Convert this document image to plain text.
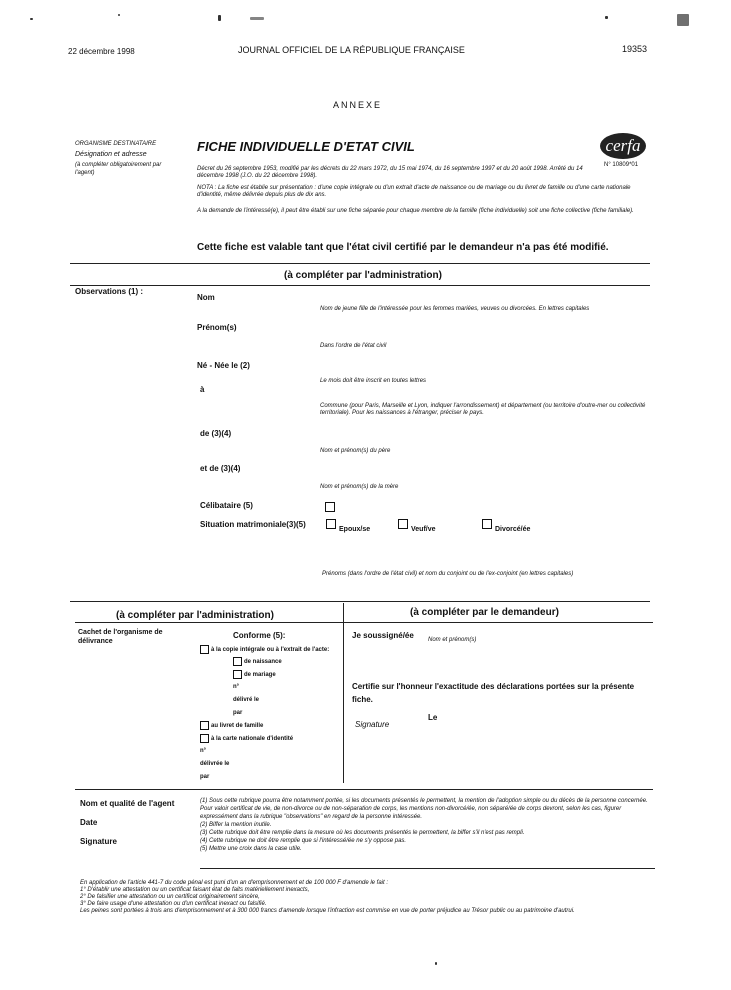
22 décembre 1998	JOURNAL OFFICIEL DE LA RÉPUBLIQUE FRANÇAISE	19353
ANNEXE
ORGANISME DESTINATAIRE
Désignation et adresse
(à compléter obligatoirement par l'agent)
FICHE INDIVIDUELLE D'ETAT CIVIL	cerfa
N° 10809*01
Décret du 26 septembre 1953, modifié par les décrets du 22 mars 1972, du 15 mai 1974, du 16 septembre 1997 et du 20 août 1998. Arrêté du 14 décembre 1998 (J.O. du 22 décembre 1998).
NOTA : La fiche est établie sur présentation : d'une copie intégrale ou d'un extrait d'acte de naissance ou de mariage ou du livret de famille ou d'une carte nationale d'identité, même délivrée depuis plus de dix ans.
A la demande de l'intéressé(e), il peut être établi sur une fiche séparée pour chaque membre de la famille (fiche individuelle) soit une fiche collective (fiche familiale).
Cette fiche est valable tant que l'état civil certifié par le demandeur n'a pas été modifié.
(à compléter par l'administration)
Observations (1) :
Nom
Nom de jeune fille de l'intéressée pour les femmes mariées, veuves ou divorcées. En lettres capitales
Prénom(s)
Dans l'ordre de l'état civil
Né - Née le (2)
Le mois doit être inscrit en toutes lettres
à
Commune (pour Paris, Marseille et Lyon, indiquer l'arrondissement) et département (ou territoire d'outre-mer ou collectivité territoriale). Pour les naissances à l'étranger, préciser le pays.
de (3)(4)
Nom et prénom(s) du père
et de (3)(4)
Nom et prénom(s) de la mère
Célibataire (5)
Situation matrimoniale(3)(5)
Epoux/se	Veuf/ve	Divorcé/ée
Prénoms (dans l'ordre de l'état civil) et nom du conjoint ou de l'ex-conjoint (en lettres capitales)
(à compléter par l'administration)	(à compléter par le demandeur)
Cachet de l'organisme de délivrance
Conforme (5):
à la copie intégrale ou à l'extrait de l'acte:
de naissance
de mariage
n°
délivré le
par
au livret de famille
à la carte nationale d'identité
n°
délivrée le
par
Je soussigné/ée Nom et prénom(s)
Certifie sur l'honneur l'exactitude des déclarations portées sur la présente fiche.
Le
Signature
Nom et qualité de l'agent
Date
Signature
(1) Sous cette rubrique pourra être notamment portée, si les documents présentés le permettent, la mention de l'adoption simple ou du décès de la personne concernée.
Pour valoir certificat de vie, de non-divorce ou de non-séparation de corps, les mentions non-divorcé/ée, non séparé/ée de corps devront, selon les cas, figurer expressément dans la rubrique "observations" en regard de la personne intéressée.
(2) Biffer la mention inutile.
(3) Cette rubrique doit être remplie dans la mesure où les documents présentés le permettent, la biffer s'il n'est pas rempli.
(4) Cette rubrique ne doit être remplie que si l'intéressé/ée ne s'y oppose pas.
(5) Mettre une croix dans la case utile.
En application de l'article 441-7 du code pénal est puni d'un an d'emprisonnement et de 100 000 F d'amende le fait :
1° D'établir une attestation ou un certificat faisant état de faits matériellement inexacts,
2° De falsifier une attestation ou un certificat originairement sincère,
3° De faire usage d'une attestation ou d'un certificat inexact ou falsifié.
Les peines sont portées à trois ans d'emprisonnement et à 300 000 francs d'amende lorsque l'infraction est commise en vue de porter préjudice au Trésor public ou au patrimoine d'autrui.
